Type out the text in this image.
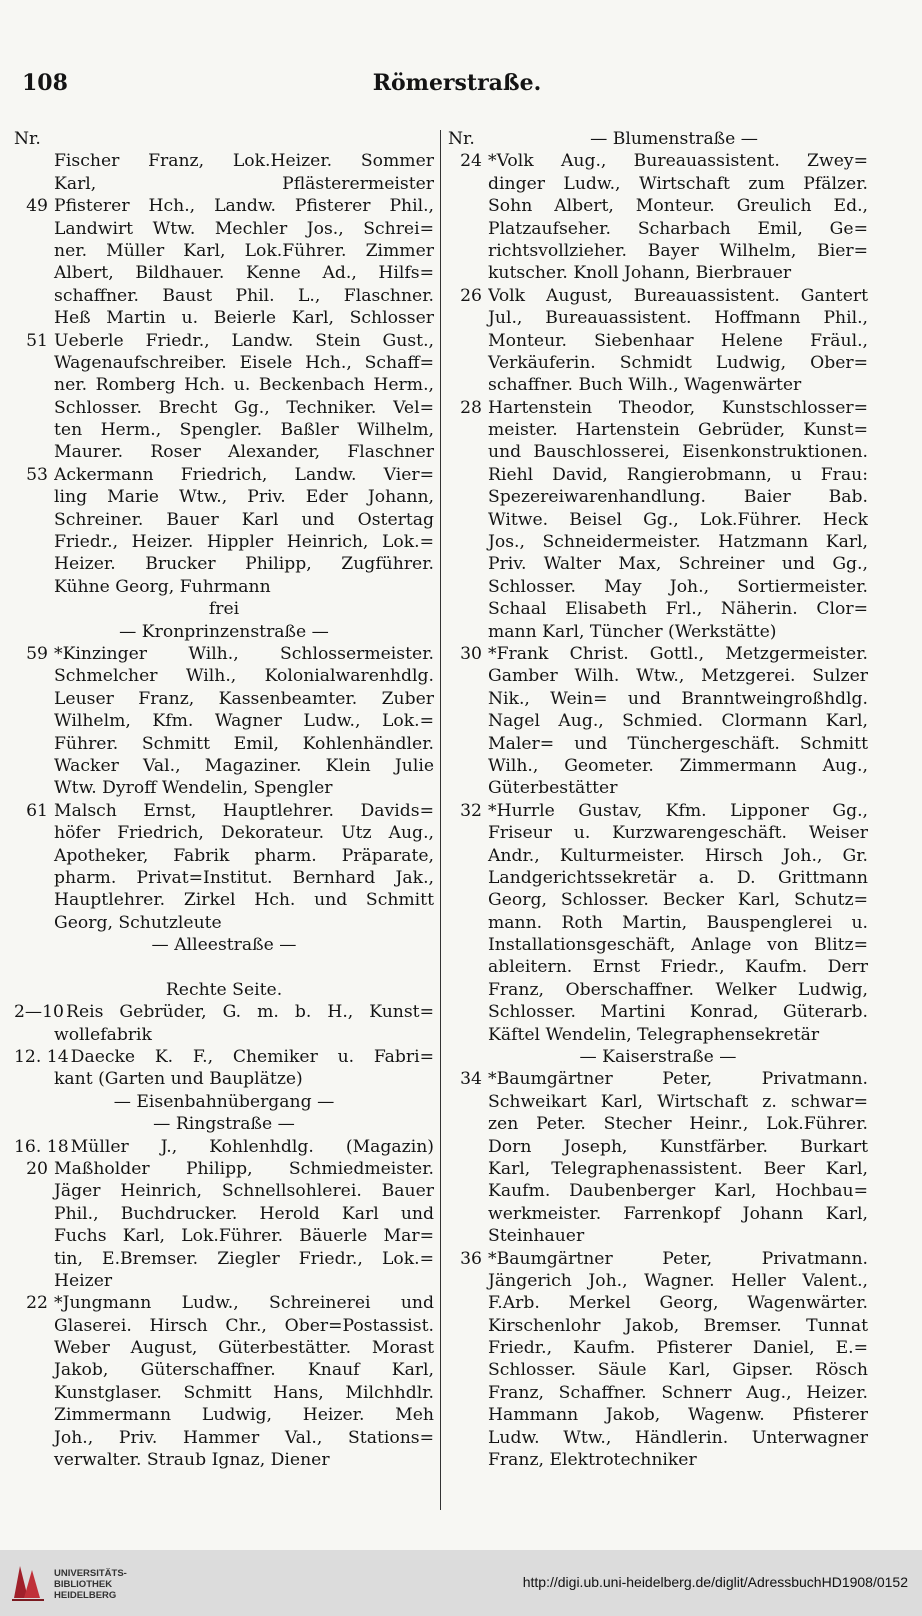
108	Römerstraße.
Nr.
Fischer Franz, Lok.Heizer. Sommer
Karl, Pflästerermeister
49 Pfisterer Hch., Landw. Pfisterer Phil.,
Landwirt Wtw. Mechler Jos., Schrei=
ner. Müller Karl, Lok.Führer. Zimmer
Albert, Bildhauer. Kenne Ad., Hilfs=
schaffner. Baust Phil. L., Flaschner.
Heß Martin u. Beierle Karl, Schlosser
51 Ueberle Friedr., Landw. Stein Gust.,
Wagenaufschreiber. Eisele Hch., Schaff=
ner. Romberg Hch. u. Beckenbach Herm.,
Schlosser. Brecht Gg., Techniker. Vel=
ten Herm., Spengler. Baßler Wilhelm,
Maurer. Roser Alexander, Flaschner
53 Ackermann Friedrich, Landw. Vier=
ling Marie Wtw., Priv. Eder Johann,
Schreiner. Bauer Karl und Ostertag
Friedr., Heizer. Hippler Heinrich, Lok.=
Heizer. Brucker Philipp, Zugführer.
Kühne Georg, Fuhrmann
frei
— Kronprinzenstraße —
59 *Kinzinger Wilh., Schlossermeister.
Schmelcher Wilh., Kolonialwarenhdlg.
Leuser Franz, Kassenbeamter. Zuber
Wilhelm, Kfm. Wagner Ludw., Lok.=
Führer. Schmitt Emil, Kohlenhändler.
Wacker Val., Magaziner. Klein Julie
Wtw. Dyroff Wendelin, Spengler
61 Malsch Ernst, Hauptlehrer. Davids=
höfer Friedrich, Dekorateur. Utz Aug.,
Apotheker, Fabrik pharm. Präparate,
pharm. Privat=Institut. Bernhard Jak.,
Hauptlehrer. Zirkel Hch. und Schmitt
Georg, Schutzleute
— Alleestraße —
Rechte Seite.
2—10 Reis Gebrüder, G. m. b. H., Kunst=
wollefabrik
12. 14 Daecke K. F., Chemiker u. Fabri=
kant (Garten und Bauplätze)
— Eisenbahnübergang —
— Ringstraße —
16. 18 Müller J., Kohlenhdlg. (Magazin)
20 Maßholder Philipp, Schmiedmeister.
Jäger Heinrich, Schnellsohlerei. Bauer
Phil., Buchdrucker. Herold Karl und
Fuchs Karl, Lok.Führer. Bäuerle Mar=
tin, E.Bremser. Ziegler Friedr., Lok.=
Heizer
22 *Jungmann Ludw., Schreinerei und
Glaserei. Hirsch Chr., Ober=Postassist.
Weber August, Güterbestätter. Morast
Jakob, Güterschaffner. Knauf Karl,
Kunstglaser. Schmitt Hans, Milchhdlr.
Zimmermann Ludwig, Heizer. Meh
Joh., Priv. Hammer Val., Stations=
verwalter. Straub Ignaz, Diener
Nr.	— Blumenstraße —
24 *Volk Aug., Bureauassistent. Zwey=
dinger Ludw., Wirtschaft zum Pfälzer.
Sohn Albert, Monteur. Greulich Ed.,
Platzaufseher. Scharbach Emil, Ge=
richtsvollzieher. Bayer Wilhelm, Bier=
kutscher. Knoll Johann, Bierbrauer
26 Volk August, Bureauassistent. Gantert
Jul., Bureauassistent. Hoffmann Phil.,
Monteur. Siebenhaar Helene Fräul.,
Verkäuferin. Schmidt Ludwig, Ober=
schaffner. Buch Wilh., Wagenwärter
28 Hartenstein Theodor, Kunstschlosser=
meister. Hartenstein Gebrüder, Kunst=
und Bauschlosserei, Eisenkonstruktionen.
Riehl David, Rangierobmann, u Frau:
Spezereiwarenhandlung. Baier Bab.
Witwe. Beisel Gg., Lok.Führer. Heck
Jos., Schneidermeister. Hatzmann Karl,
Priv. Walter Max, Schreiner und Gg.,
Schlosser. May Joh., Sortiermeister.
Schaal Elisabeth Frl., Näherin. Clor=
mann Karl, Tüncher (Werkstätte)
30 *Frank Christ. Gottl., Metzgermeister.
Gamber Wilh. Wtw., Metzgerei. Sulzer
Nik., Wein= und Branntweingroßhdlg.
Nagel Aug., Schmied. Clormann Karl,
Maler= und Tünchergeschäft. Schmitt
Wilh., Geometer. Zimmermann Aug.,
Güterbestätter
32 *Hurrle Gustav, Kfm. Lipponer Gg.,
Friseur u. Kurzwarengeschäft. Weiser
Andr., Kulturmeister. Hirsch Joh., Gr.
Landgerichtssekretär a. D. Grittmann
Georg, Schlosser. Becker Karl, Schutz=
mann. Roth Martin, Bauspenglerei u.
Installationsgeschäft, Anlage von Blitz=
ableitern. Ernst Friedr., Kaufm. Derr
Franz, Oberschaffner. Welker Ludwig,
Schlosser. Martini Konrad, Güterarb.
Käftel Wendelin, Telegraphensekretär
— Kaiserstraße —
34 *Baumgärtner Peter, Privatmann.
Schweikart Karl, Wirtschaft z. schwar=
zen Peter. Stecher Heinr., Lok.Führer.
Dorn Joseph, Kunstfärber. Burkart
Karl, Telegraphenassistent. Beer Karl,
Kaufm. Daubenberger Karl, Hochbau=
werkmeister. Farrenkopf Johann Karl,
Steinhauer
36 *Baumgärtner Peter, Privatmann.
Jängerich Joh., Wagner. Heller Valent.,
F.Arb. Merkel Georg, Wagenwärter.
Kirschenlohr Jakob, Bremser. Tunnat
Friedr., Kaufm. Pfisterer Daniel, E.=
Schlosser. Säule Karl, Gipser. Rösch
Franz, Schaffner. Schnerr Aug., Heizer.
Hammann Jakob, Wagenw. Pfisterer
Ludw. Wtw., Händlerin. Unterwagner
Franz, Elektrotechniker
UNIVERSITÄTS-
BIBLIOTHEK
HEIDELBERG
http://digi.ub.uni-heidelberg.de/diglit/AdressbuchHD1908/0152
